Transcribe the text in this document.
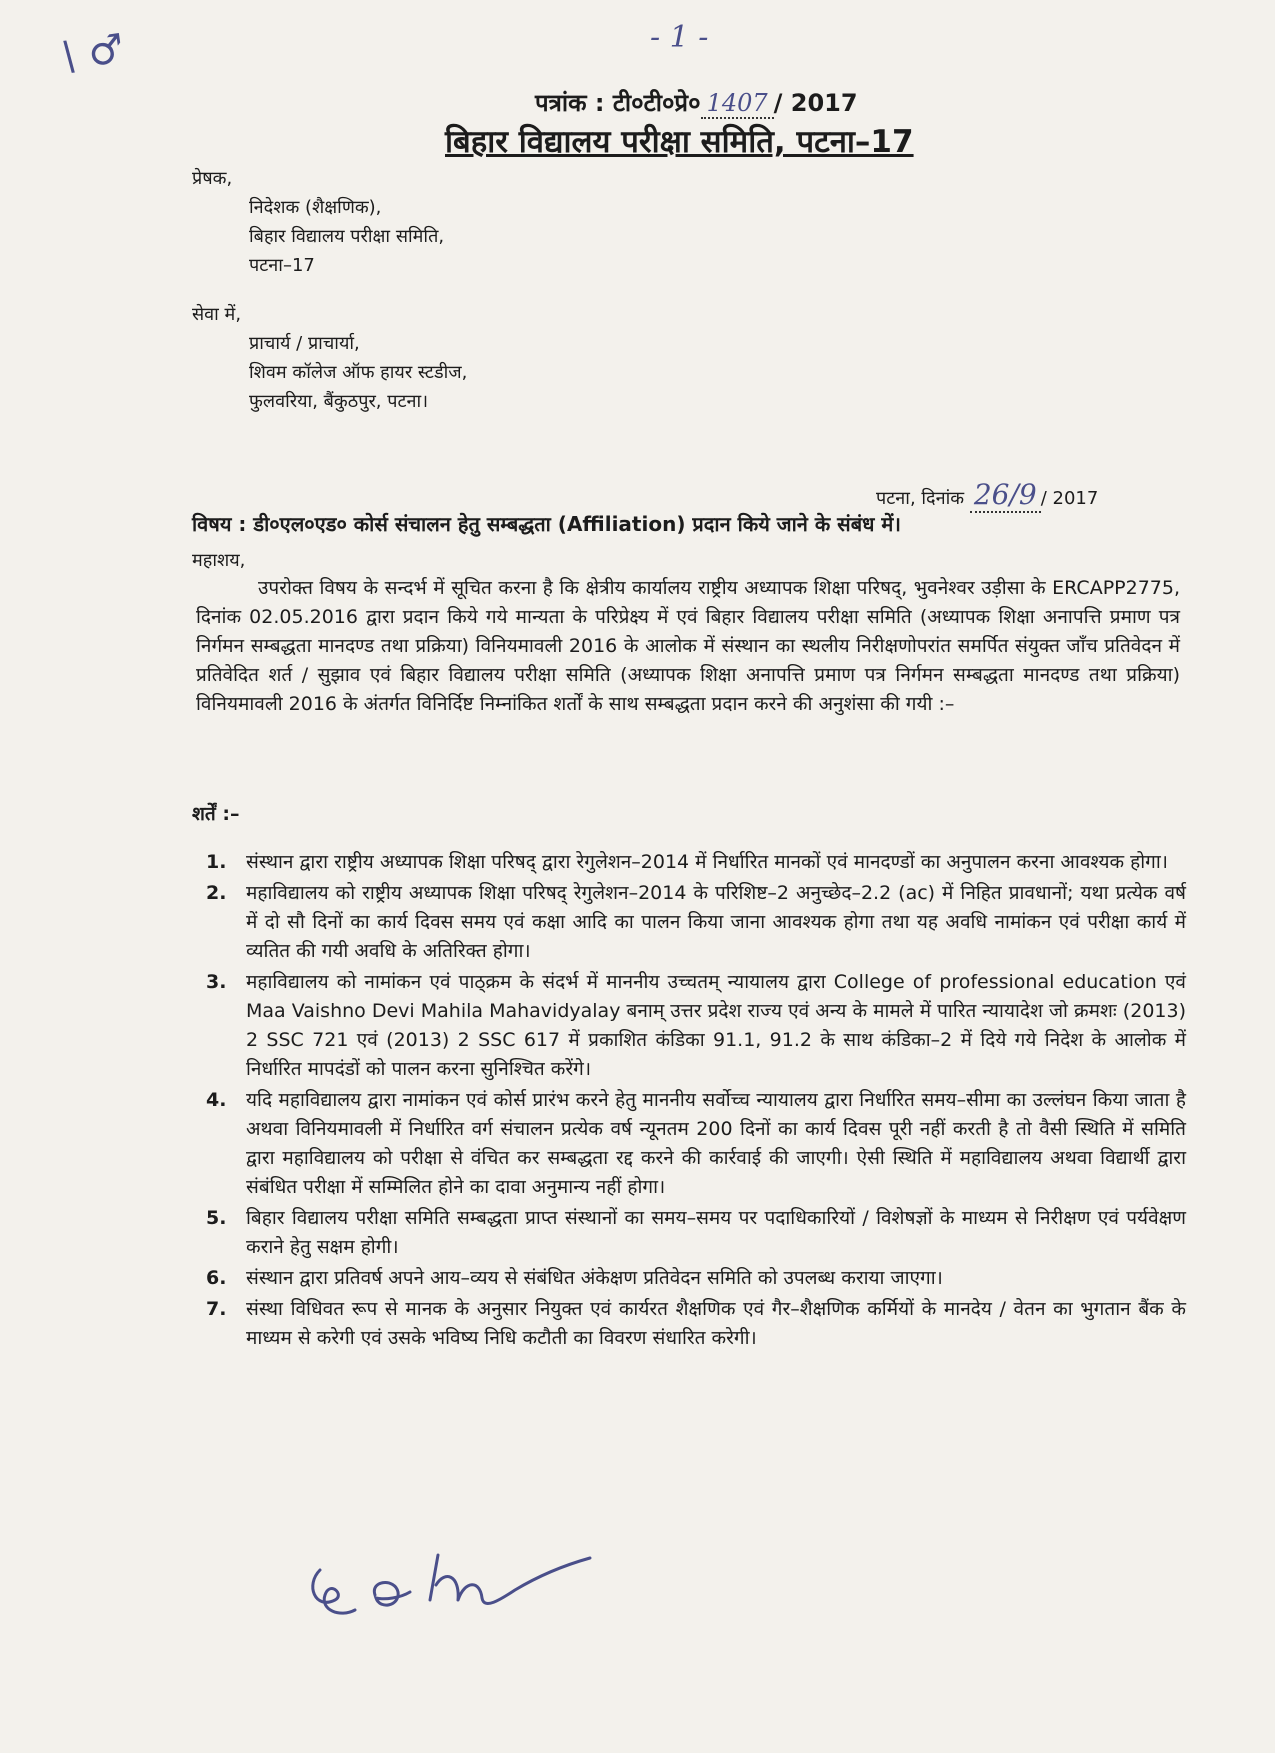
\ ♂	- 1 -
पत्रांक : टी०टी०प्रे० 1407 / 2017
बिहार विद्यालय परीक्षा समिति, पटना–17
प्रेषक,
निदेशक (शैक्षणिक),
बिहार विद्यालय परीक्षा समिति,
पटना–17
सेवा में,
प्राचार्य / प्राचार्या,
शिवम कॉलेज ऑफ हायर स्टडीज,
फुलवरिया, बैंकुठपुर, पटना।
पटना, दिनांक 26/9 / 2017
विषय : डी०एल०एड० कोर्स संचालन हेतु सम्बद्धता (Affiliation) प्रदान किये जाने के संबंध में।
महाशय,
उपरोक्त विषय के सन्दर्भ में सूचित करना है कि क्षेत्रीय कार्यालय राष्ट्रीय अध्यापक शिक्षा परिषद्, भुवनेश्वर उड़ीसा के ERCAPP2775, दिनांक 02.05.2016 द्वारा प्रदान किये गये मान्यता के परिप्रेक्ष्य में एवं बिहार विद्यालय परीक्षा समिति (अध्यापक शिक्षा अनापत्ति प्रमाण पत्र निर्गमन सम्बद्धता मानदण्ड तथा प्रक्रिया) विनियमावली 2016 के आलोक में संस्थान का स्थलीय निरीक्षणोपरांत समर्पित संयुक्त जाँच प्रतिवेदन में प्रतिवेदित शर्त / सुझाव एवं बिहार विद्यालय परीक्षा समिति (अध्यापक शिक्षा अनापत्ति प्रमाण पत्र निर्गमन सम्बद्धता मानदण्ड तथा प्रक्रिया) विनियमावली 2016 के अंतर्गत विनिर्दिष्ट निम्नांकित शर्तों के साथ सम्बद्धता प्रदान करने की अनुशंसा की गयी :–
शर्तें :–
1. संस्थान द्वारा राष्ट्रीय अध्यापक शिक्षा परिषद् द्वारा रेगुलेशन–2014 में निर्धारित मानकों एवं मानदण्डों का अनुपालन करना आवश्यक होगा।
2. महाविद्यालय को राष्ट्रीय अध्यापक शिक्षा परिषद् रेगुलेशन–2014 के परिशिष्ट–2 अनुच्छेद–2.2 (ac) में निहित प्रावधानों; यथा प्रत्येक वर्ष में दो सौ दिनों का कार्य दिवस समय एवं कक्षा आदि का पालन किया जाना आवश्यक होगा तथा यह अवधि नामांकन एवं परीक्षा कार्य में व्यतित की गयी अवधि के अतिरिक्त होगा।
3. महाविद्यालय को नामांकन एवं पाठ्क्रम के संदर्भ में माननीय उच्चतम् न्यायालय द्वारा College of professional education एवं Maa Vaishno Devi Mahila Mahavidyalay बनाम् उत्तर प्रदेश राज्य एवं अन्य के मामले में पारित न्यायादेश जो क्रमशः (2013) 2 SSC 721 एवं (2013) 2 SSC 617 में प्रकाशित कंडिका 91.1, 91.2 के साथ कंडिका–2 में दिये गये निदेश के आलोक में निर्धारित मापदंडों को पालन करना सुनिश्चित करेंगे।
4. यदि महाविद्यालय द्वारा नामांकन एवं कोर्स प्रारंभ करने हेतु माननीय सर्वोच्च न्यायालय द्वारा निर्धारित समय–सीमा का उल्लंघन किया जाता है अथवा विनियमावली में निर्धारित वर्ग संचालन प्रत्येक वर्ष न्यूनतम 200 दिनों का कार्य दिवस पूरी नहीं करती है तो वैसी स्थिति में समिति द्वारा महाविद्यालय को परीक्षा से वंचित कर सम्बद्धता रद्द करने की कार्रवाई की जाएगी। ऐसी स्थिति में महाविद्यालय अथवा विद्यार्थी द्वारा संबंधित परीक्षा में सम्मिलित होने का दावा अनुमान्य नहीं होगा।
5. बिहार विद्यालय परीक्षा समिति सम्बद्धता प्राप्त संस्थानों का समय–समय पर पदाधिकारियों / विशेषज्ञों के माध्यम से निरीक्षण एवं पर्यवेक्षण कराने हेतु सक्षम होगी।
6. संस्थान द्वारा प्रतिवर्ष अपने आय–व्यय से संबंधित अंकेक्षण प्रतिवेदन समिति को उपलब्ध कराया जाएगा।
7. संस्था विधिवत रूप से मानक के अनुसार नियुक्त एवं कार्यरत शैक्षणिक एवं गैर–शैक्षणिक कर्मियों के मानदेय / वेतन का भुगतान बैंक के माध्यम से करेगी एवं उसके भविष्य निधि कटौती का विवरण संधारित करेगी।
